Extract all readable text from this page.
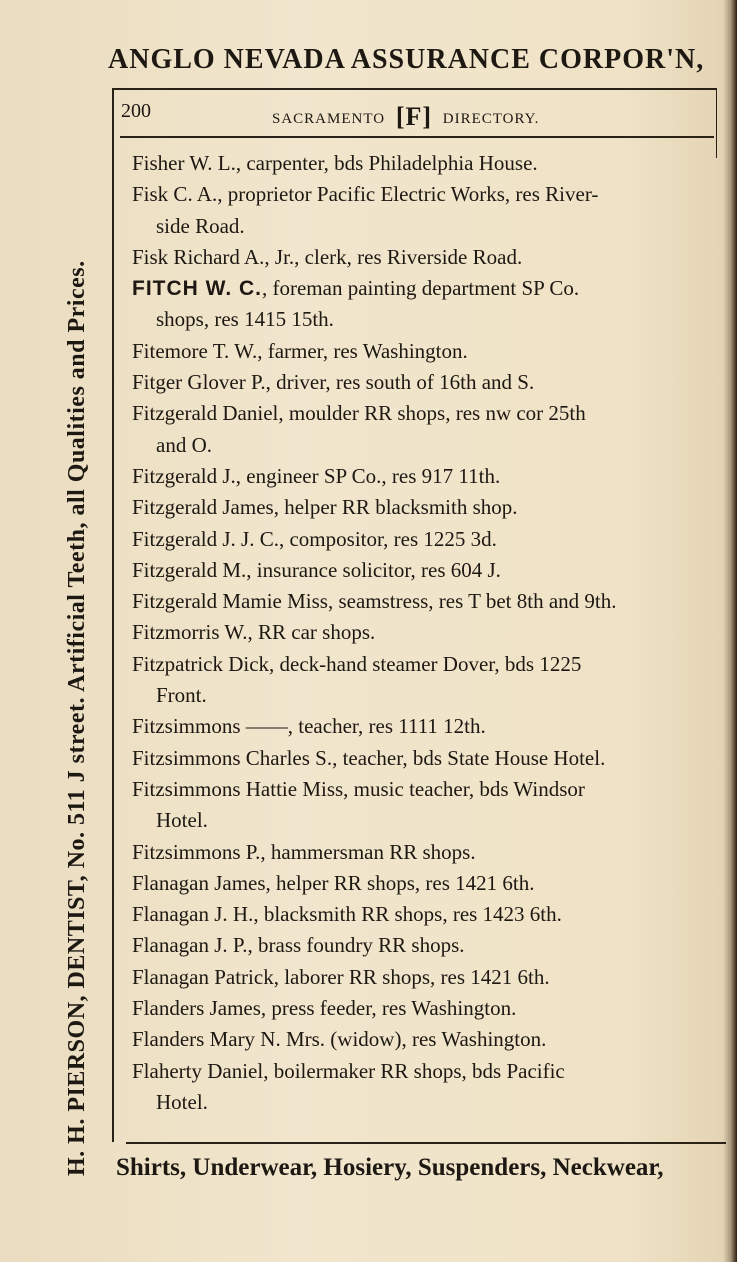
ANGLO NEVADA ASSURANCE CORPOR'N,
H. H. PIERSON, DENTIST, No. 511 J street. Artificial Teeth, all Qualities and Prices.
200	SACRAMENTO [F] DIRECTORY.
Fisher W. L., carpenter, bds Philadelphia House.
Fisk C. A., proprietor Pacific Electric Works, res River-
side Road.
Fisk Richard A., Jr., clerk, res Riverside Road.
FITCH W. C., foreman painting department SP Co.
shops, res 1415 15th.
Fitemore T. W., farmer, res Washington.
Fitger Glover P., driver, res south of 16th and S.
Fitzgerald Daniel, moulder RR shops, res nw cor 25th
and O.
Fitzgerald J., engineer SP Co., res 917 11th.
Fitzgerald James, helper RR blacksmith shop.
Fitzgerald J. J. C., compositor, res 1225 3d.
Fitzgerald M., insurance solicitor, res 604 J.
Fitzgerald Mamie Miss, seamstress, res T bet 8th and 9th.
Fitzmorris W., RR car shops.
Fitzpatrick Dick, deck-hand steamer Dover, bds 1225
Front.
Fitzsimmons ——, teacher, res 1111 12th.
Fitzsimmons Charles S., teacher, bds State House Hotel.
Fitzsimmons Hattie Miss, music teacher, bds Windsor
Hotel.
Fitzsimmons P., hammersman RR shops.
Flanagan James, helper RR shops, res 1421 6th.
Flanagan J. H., blacksmith RR shops, res 1423 6th.
Flanagan J. P., brass foundry RR shops.
Flanagan Patrick, laborer RR shops, res 1421 6th.
Flanders James, press feeder, res Washington.
Flanders Mary N. Mrs. (widow), res Washington.
Flaherty Daniel, boilermaker RR shops, bds Pacific
Hotel.
Shirts, Underwear, Hosiery, Suspenders, Neckwear,
